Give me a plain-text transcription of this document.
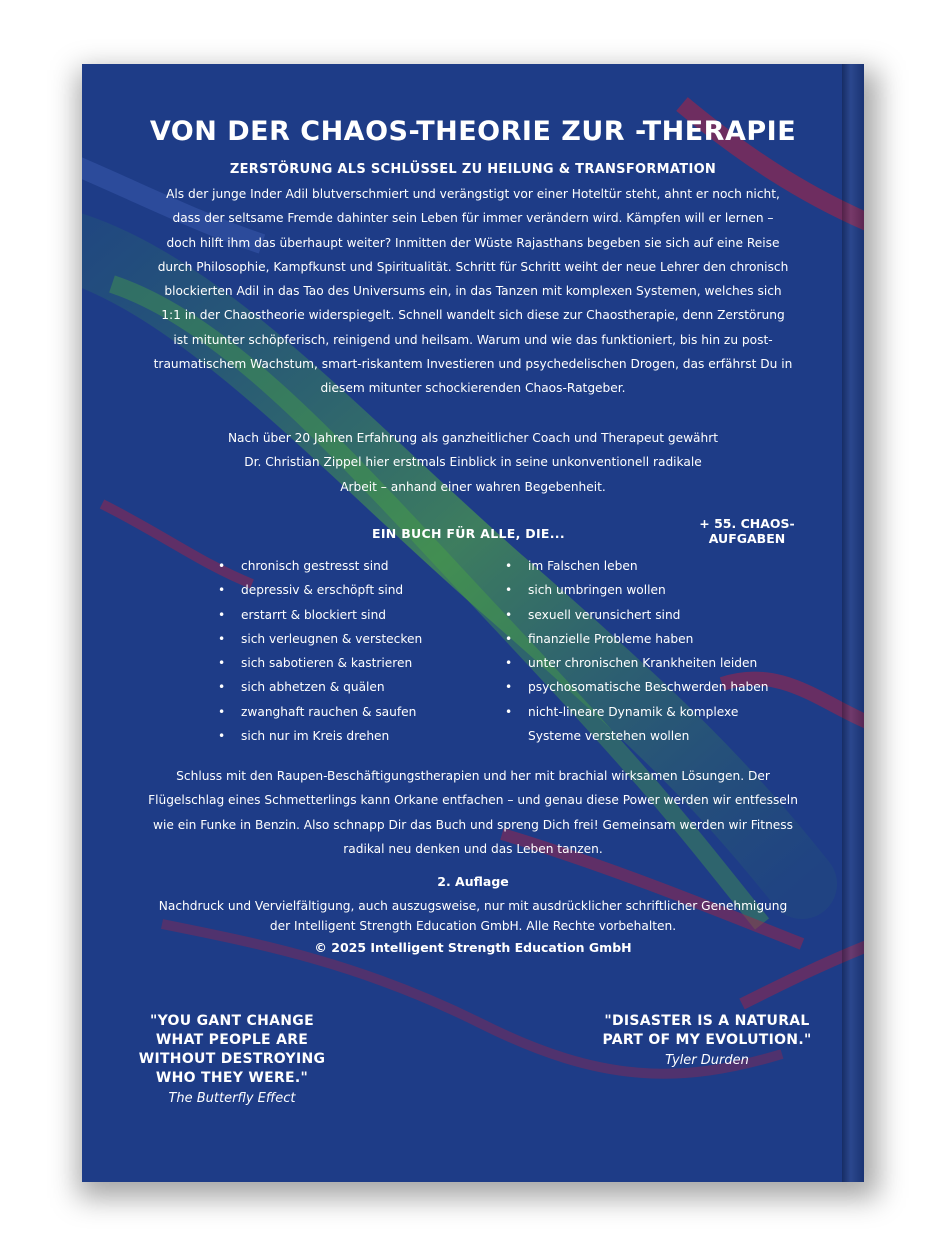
VON DER CHAOS-THEORIE ZUR -THERAPIE
ZERSTÖRUNG ALS SCHLÜSSEL ZU HEILUNG & TRANSFORMATION
Als der junge Inder Adil blutverschmiert und verängstigt vor einer Hoteltür steht, ahnt er noch nicht,
dass der seltsame Fremde dahinter sein Leben für immer verändern wird. Kämpfen will er lernen –
doch hilft ihm das überhaupt weiter? Inmitten der Wüste Rajasthans begeben sie sich auf eine Reise
durch Philosophie, Kampfkunst und Spiritualität. Schritt für Schritt weiht der neue Lehrer den chronisch
blockierten Adil in das Tao des Universums ein, in das Tanzen mit komplexen Systemen, welches sich
1:1 in der Chaostheorie widerspiegelt. Schnell wandelt sich diese zur Chaostherapie, denn Zerstörung
ist mitunter schöpferisch, reinigend und heilsam. Warum und wie das funktioniert, bis hin zu post-
traumatischem Wachstum, smart-riskantem Investieren und psychedelischen Drogen, das erfährst Du in
diesem mitunter schockierenden Chaos-Ratgeber.
Nach über 20 Jahren Erfahrung als ganzheitlicher Coach und Therapeut gewährt
Dr. Christian Zippel hier erstmals Einblick in seine unkonventionell radikale
Arbeit – anhand einer wahren Begebenheit.
EIN BUCH FÜR ALLE, DIE...
+ 55. CHAOS-
AUFGABEN
• chronisch gestresst sind
• depressiv & erschöpft sind
• erstarrt & blockiert sind
• sich verleugnen & verstecken
• sich sabotieren & kastrieren
• sich abhetzen & quälen
• zwanghaft rauchen & saufen
• sich nur im Kreis drehen
• im Falschen leben
• sich umbringen wollen
• sexuell verunsichert sind
• finanzielle Probleme haben
• unter chronischen Krankheiten leiden
• psychosomatische Beschwerden haben
• nicht-lineare Dynamik & komplexe
Systeme verstehen wollen
Schluss mit den Raupen-Beschäftigungstherapien und her mit brachial wirksamen Lösungen. Der
Flügelschlag eines Schmetterlings kann Orkane entfachen – und genau diese Power werden wir entfesseln
wie ein Funke in Benzin. Also schnapp Dir das Buch und spreng Dich frei! Gemeinsam werden wir Fitness
radikal neu denken und das Leben tanzen.
2. Auflage
Nachdruck und Vervielfältigung, auch auszugsweise, nur mit ausdrücklicher schriftlicher Genehmigung
der Intelligent Strength Education GmbH. Alle Rechte vorbehalten.
© 2025 Intelligent Strength Education GmbH
"YOU GANT CHANGE
WHAT PEOPLE ARE
WITHOUT DESTROYING
WHO THEY WERE."
The Butterfly Effect
"DISASTER IS A NATURAL
PART OF MY EVOLUTION."
Tyler Durden
